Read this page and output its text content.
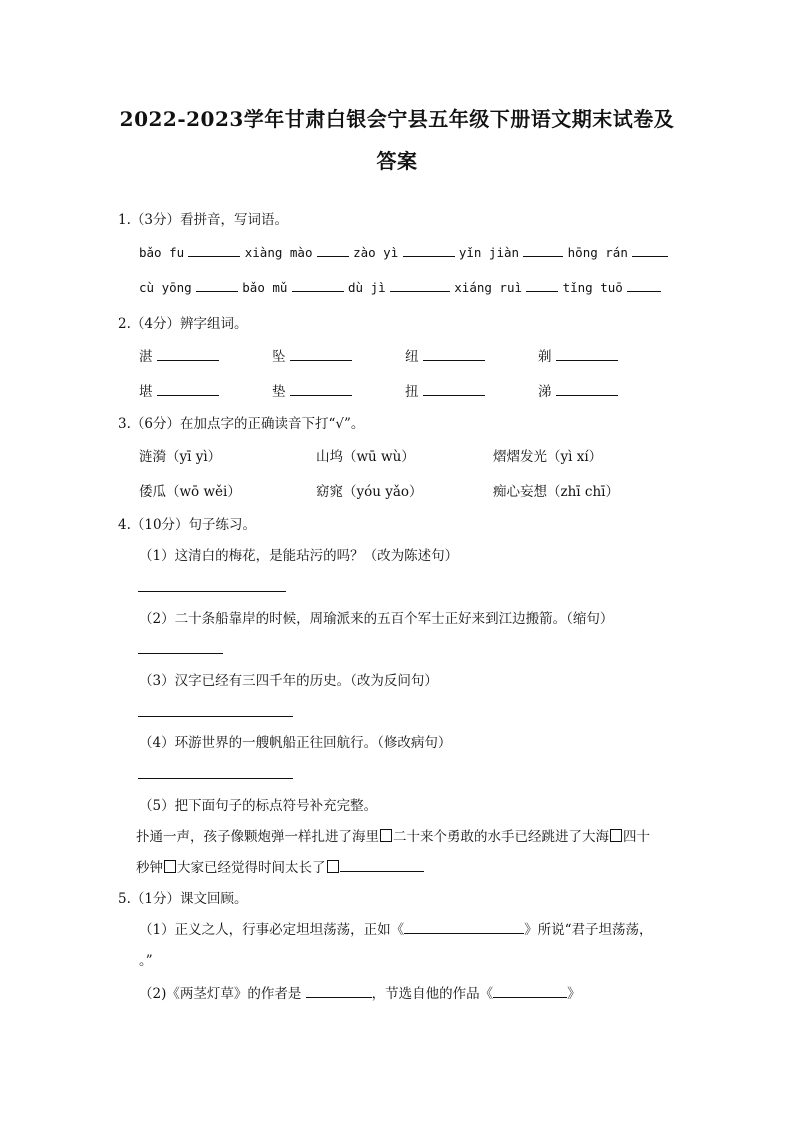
2022-2023学年甘肃白银会宁县五年级下册语文期末试卷及
答案
1.（3分）看拼音，写词语。
bǎo fu	xiàng mào	zào yì	yǐn jiàn	hōng rán
cù yōng	bǎo mǔ	dù jì	xiáng ruì	tǐng tuō
2.（4分）辨字组词。
湛	坠	纽	剃
堪	垫	扭	涕
3.（6分）在加点字的正确读音下打“√”。
涟漪（yī yì）	山坞（wū wù）	熠熠发光（yì xí）
倭瓜（wō wěi）	窈窕（yóu yǎo）	痴心妄想（zhī chī）
4.（10分）句子练习。
（1）这清白的梅花，是能玷污的吗？（改为陈述句）
（2）二十条船靠岸的时候，周瑜派来的五百个军士正好来到江边搬箭。（缩句）
（3）汉字已经有三四千年的历史。（改为反问句）
（4）环游世界的一艘帆船正往回航行。（修改病句）
（5）把下面句子的标点符号补充完整。
扑通一声，孩子像颗炮弹一样扎进了海里 二十来个勇敢的水手已经跳进了大海 四十
秒钟 大家已经觉得时间太长了
5.（1分）课文回顾。
（1）正义之人，行事必定坦坦荡荡，正如《	》所说“君子坦荡荡，
。”
（2)《两茎灯草》的作者是	，节选自他的作品《	》
